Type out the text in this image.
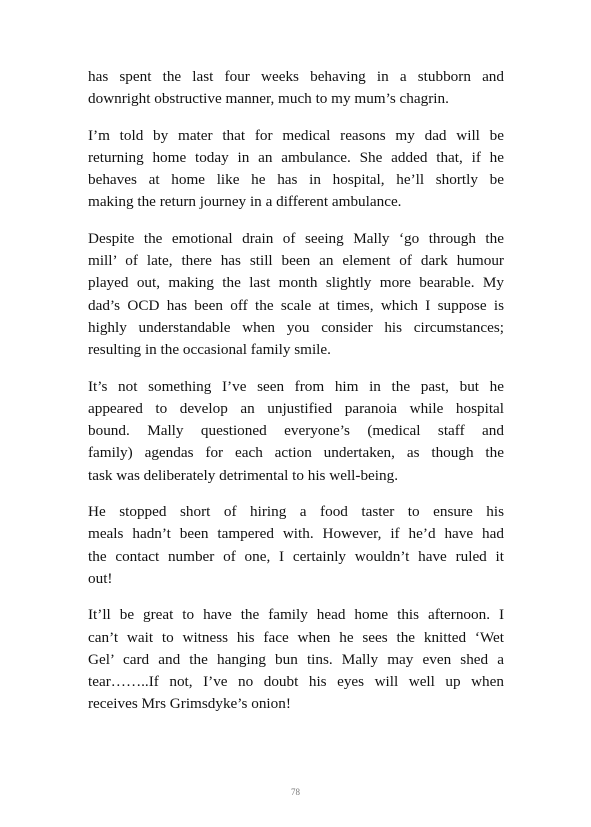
has spent the last four weeks behaving in a stubborn and
downright obstructive manner, much to my mum’s chagrin.

I’m told by mater that for medical reasons my dad will be
returning home today in an ambulance. She added that, if he
behaves at home like he has in hospital, he’ll shortly be
making the return journey in a different ambulance.

Despite the emotional drain of seeing Mally ‘go through the
mill’ of late, there has still been an element of dark humour
played out, making the last month slightly more bearable. My
dad’s OCD has been off the scale at times, which I suppose is
highly understandable when you consider his circumstances;
resulting in the occasional family smile.

It’s not something I’ve seen from him in the past, but he
appeared to develop an unjustified paranoia while hospital
bound. Mally questioned everyone’s (medical staff and
family) agendas for each action undertaken, as though the
task was deliberately detrimental to his well-being.

He stopped short of hiring a food taster to ensure his
meals hadn’t been tampered with. However, if he’d have had
the contact number of one, I certainly wouldn’t have ruled it
out!

It’ll be great to have the family head home this afternoon. I
can’t wait to witness his face when he sees the knitted ‘Wet
Gel’ card and the hanging bun tins. Mally may even shed a
tear……..If not, I’ve no doubt his eyes will well up when
receives Mrs Grimsdyke’s onion!

78
